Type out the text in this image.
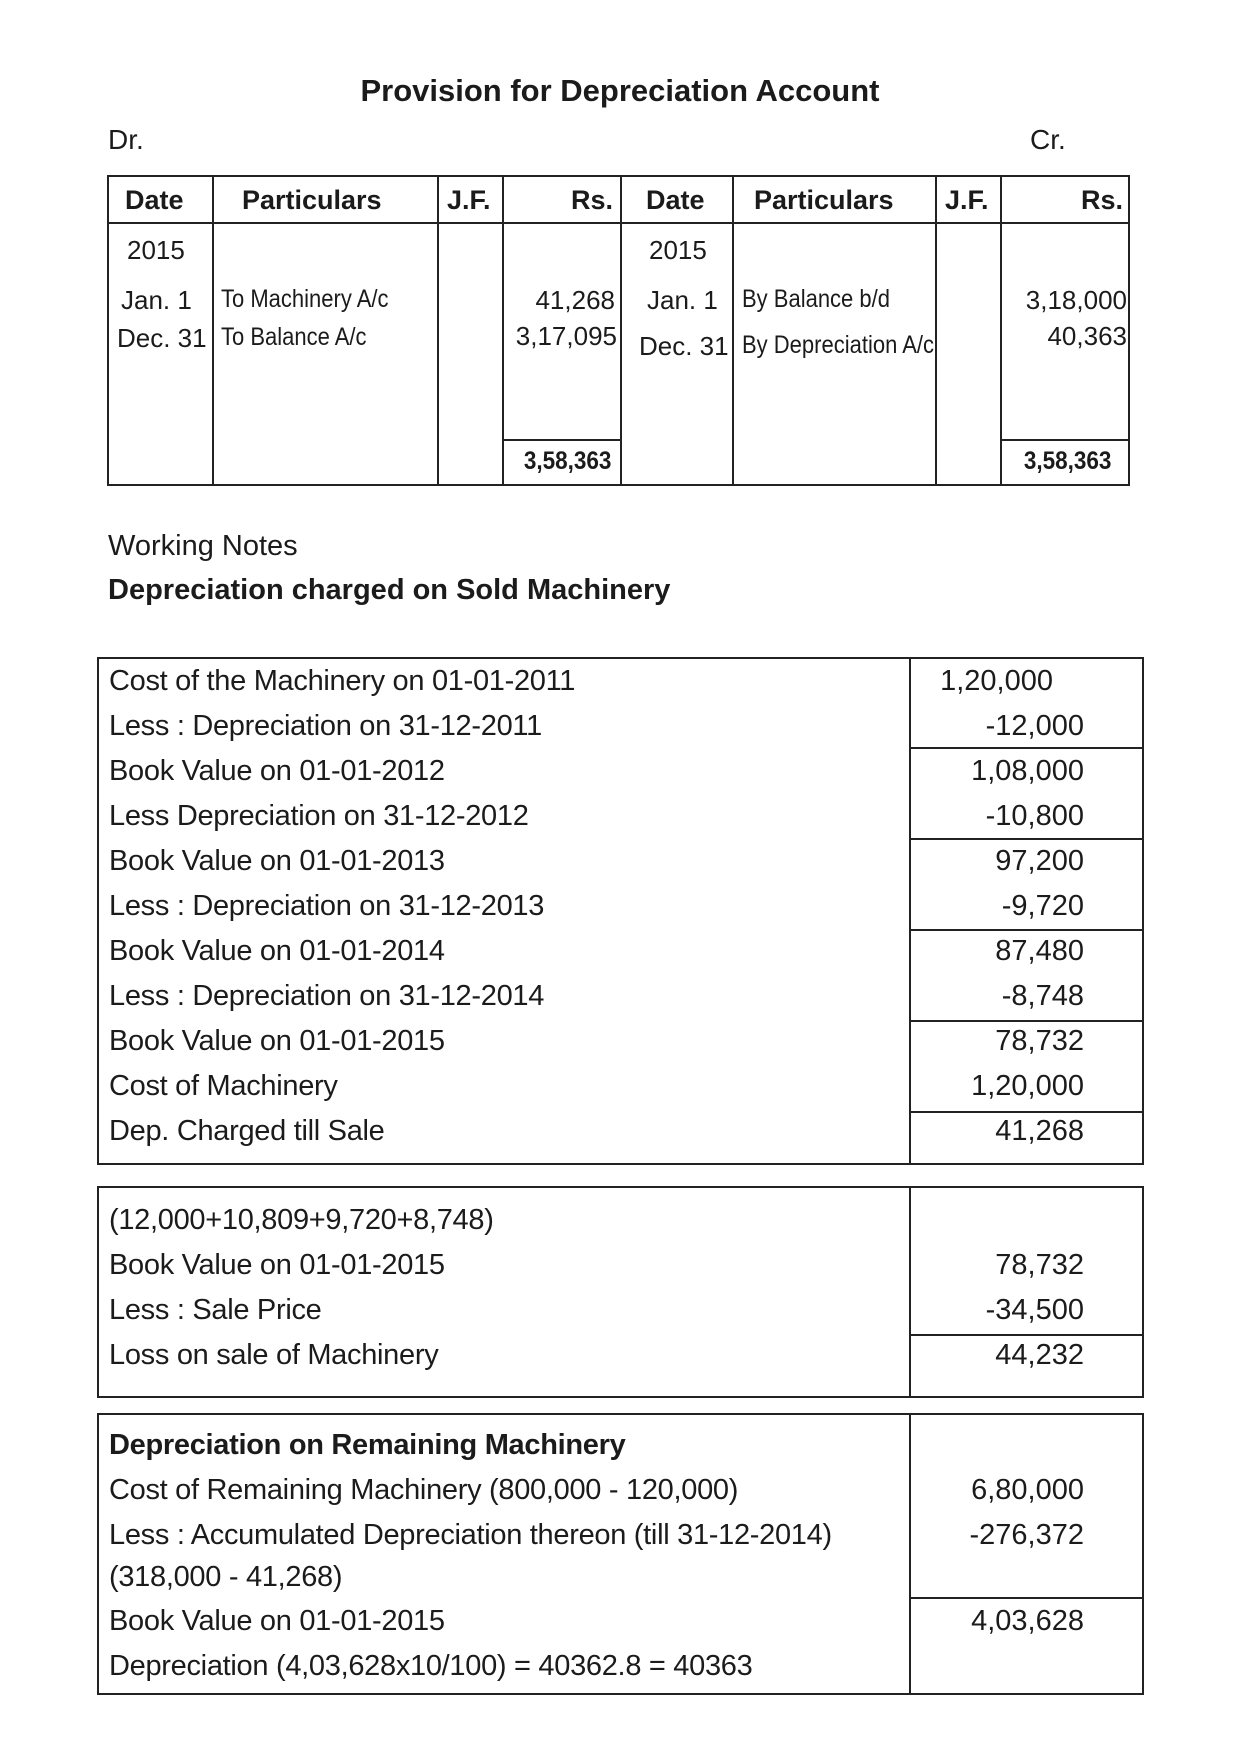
Provision for Depreciation Account
Dr.	Cr.
Date Particulars J.F.	Rs. Date Particulars J.F.	Rs.
2015
Jan. 1 To Machinery A/c	41,268
Dec. 31 To Balance A/c	3,17,095
3,58,363
2015
Jan. 1 By Balance b/d	3,18,000
Dec. 31 By Depreciation A/c	40,363
3,58,363
Working Notes
Depreciation charged on Sold Machinery
Cost of the Machinery on 01-01-2011	1,20,000
Less : Depreciation on 31-12-2011	-12,000
Book Value on 01-01-2012	1,08,000
Less Depreciation on 31-12-2012	-10,800
Book Value on 01-01-2013	97,200
Less : Depreciation on 31-12-2013	-9,720
Book Value on 01-01-2014	87,480
Less : Depreciation on 31-12-2014	-8,748
Book Value on 01-01-2015	78,732
Cost of Machinery	1,20,000
Dep. Charged till Sale	41,268
(12,000+10,809+9,720+8,748)
Book Value on 01-01-2015	78,732
Less : Sale Price	-34,500
Loss on sale of Machinery	44,232
Depreciation on Remaining Machinery
Cost of Remaining Machinery (800,000 - 120,000)	6,80,000
Less : Accumulated Depreciation thereon (till 31-12-2014)	-276,372
(318,000 - 41,268)
Book Value on 01-01-2015	4,03,628
Depreciation (4,03,628x10/100) = 40362.8 = 40363
